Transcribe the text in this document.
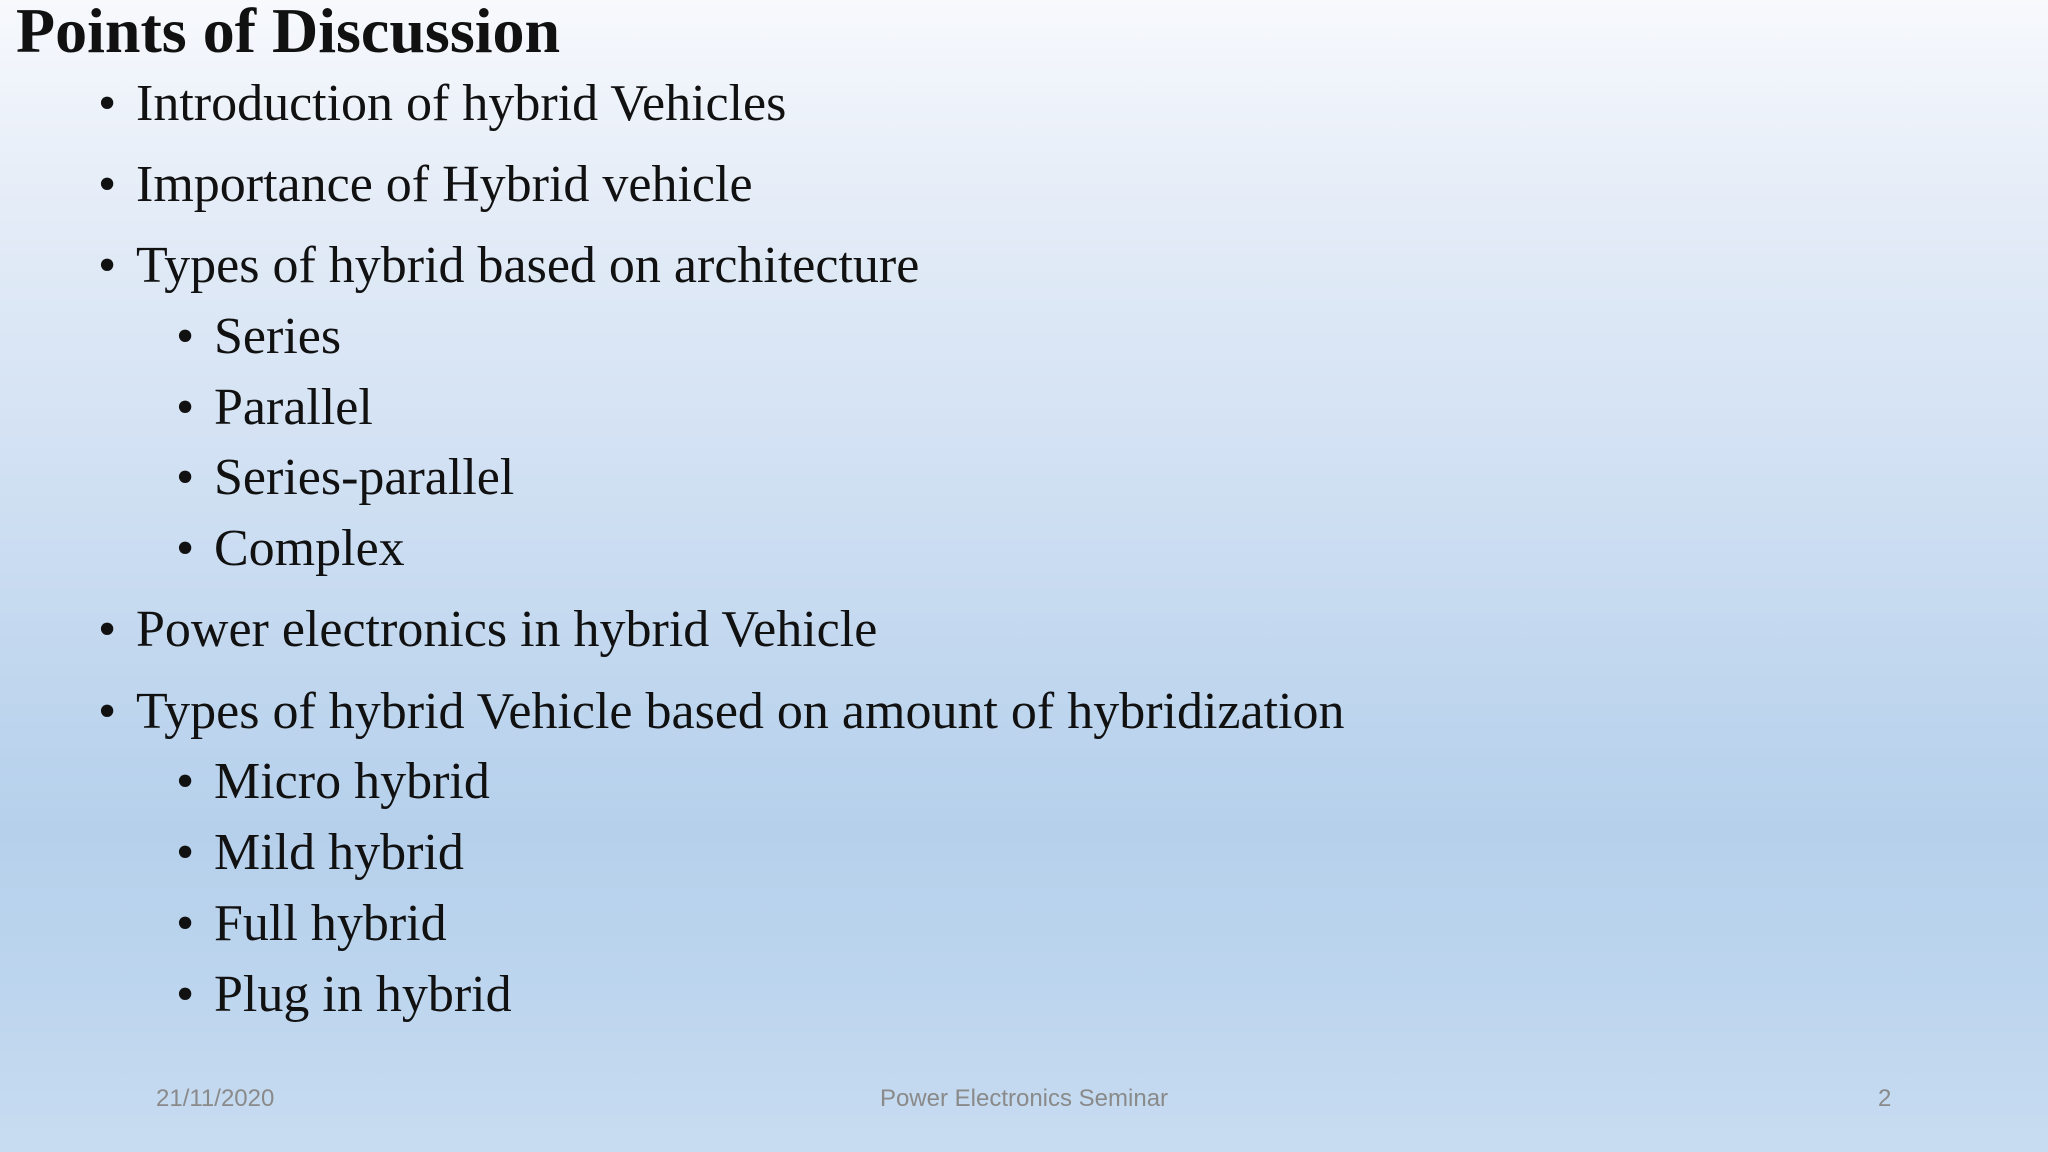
Points of Discussion
• Introduction of hybrid Vehicles
• Importance of Hybrid vehicle
• Types of hybrid based on architecture
• Series
• Parallel
• Series-parallel
• Complex
• Power electronics in hybrid Vehicle
• Types of hybrid Vehicle based on amount of hybridization
• Micro hybrid
• Mild hybrid
• Full hybrid
• Plug in hybrid
21/11/2020	Power Electronics Seminar	2
